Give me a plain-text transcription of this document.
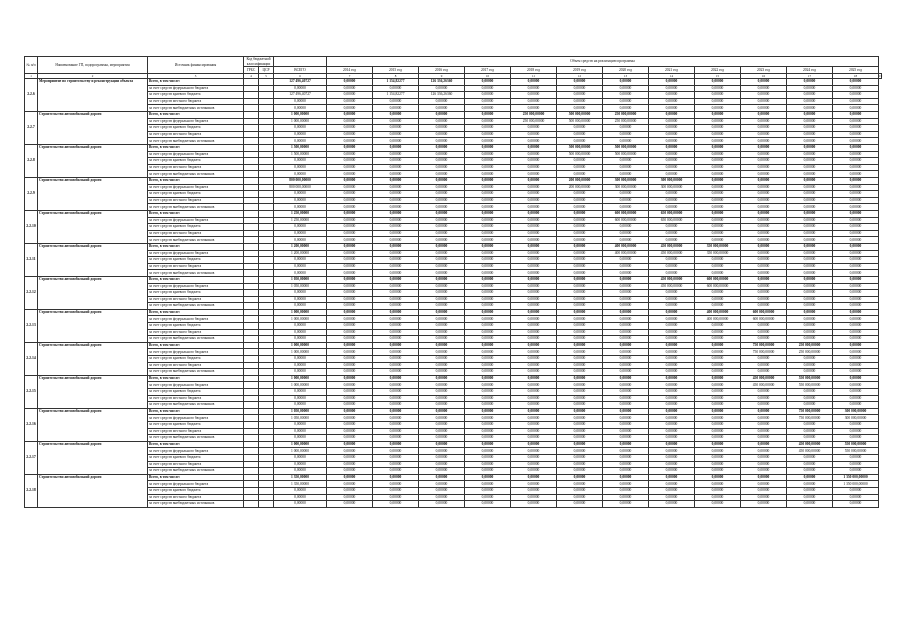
№ п/п	Наименование ГП, подпрограммы, мероприятия	Источник финансирования	Код бюджетной классификации			Объем средств на реализацию программы												
			ГРБС	ЦСР		2014 год	2015 год	2016 год	2017 год	2018 год	2019 год	2020 год	2021 год	2022 год	2023 год	2024 год	2025 год	
					ВСЕГО													
1	2	3	4	5	6	7	8	9	10	11	12	13	14	15	16	17	18	19
2.2.6	Мероприятие по строительству и реконструкции объекта	Всего, в том числе:			127 496,40727	0,00000	1 154,82277	126 336,26360	0,00000	0,00000	0,00000	0,00000	0,00000	0,00000	0,00000	0,00000	0,00000	
		за счет средств федерального бюджета			0,00000	0,00000	0,00000	0,00000	0,00000	0,00000	0,00000	0,00000	0,00000	0,00000	0,00000	0,00000	0,00000	
		за счет средств краевого бюджета			127 496,40727	0,00000	1 154,82277	126 336,26360	0,00000	0,00000	0,00000	0,00000	0,00000	0,00000	0,00000	0,00000	0,00000	
		за счет средств местного бюджета			0,00000	0,00000	0,00000	0,00000	0,00000	0,00000	0,00000	0,00000	0,00000	0,00000	0,00000	0,00000	0,00000	
		за счет средств внебюджетных источников			0,00000	0,00000	0,00000	0,00000	0,00000	0,00000	0,00000	0,00000	0,00000	0,00000	0,00000	0,00000	0,00000	
2.2.7	Строительство автомобильной дороги	Всего, в том числе:			1 000,00000	0,00000	0,00000	0,00000	0,00000	250 000,00000	500 000,00000	250 000,00000	0,00000	0,00000	0,00000	0,00000	0,00000	
		за счет средств федерального бюджета			1 000,00000	0,00000	0,00000	0,00000	0,00000	250 000,00000	500 000,00000	250 000,00000	0,00000	0,00000	0,00000	0,00000	0,00000	
		за счет средств краевого бюджета			0,00000	0,00000	0,00000	0,00000	0,00000	0,00000	0,00000	0,00000	0,00000	0,00000	0,00000	0,00000	0,00000	
		за счет средств местного бюджета			0,00000	0,00000	0,00000	0,00000	0,00000	0,00000	0,00000	0,00000	0,00000	0,00000	0,00000	0,00000	0,00000	
		за счет средств внебюджетных источников			0,00000	0,00000	0,00000	0,00000	0,00000	0,00000	0,00000	0,00000	0,00000	0,00000	0,00000	0,00000	0,00000	
2.2.8	Строительство автомобильной дороги	Всего, в том числе:			1 500,00000	0,00000	0,00000	0,00000	0,00000	0,00000	500 000,00000	500 000,00000	0,00000	0,00000	0,00000	0,00000	0,00000	
		за счет средств федерального бюджета			1 500,00000	0,00000	0,00000	0,00000	0,00000	0,00000	500 000,00000	500 000,00000	0,00000	0,00000	0,00000	0,00000	0,00000	
		за счет средств краевого бюджета			0,00000	0,00000	0,00000	0,00000	0,00000	0,00000	0,00000	0,00000	0,00000	0,00000	0,00000	0,00000	0,00000	
		за счет средств местного бюджета			0,00000	0,00000	0,00000	0,00000	0,00000	0,00000	0,00000	0,00000	0,00000	0,00000	0,00000	0,00000	0,00000	
		за счет средств внебюджетных источников			0,00000	0,00000	0,00000	0,00000	0,00000	0,00000	0,00000	0,00000	0,00000	0,00000	0,00000	0,00000	0,00000	
2.2.9	Строительство автомобильной дороги	Всего, в том числе:			800 000,00000	0,00000	0,00000	0,00000	0,00000	0,00000	200 000,00000	300 000,00000	300 000,00000	0,00000	0,00000	0,00000	0,00000	
		за счет средств федерального бюджета			800 000,00000	0,00000	0,00000	0,00000	0,00000	0,00000	200 000,00000	300 000,00000	300 000,00000	0,00000	0,00000	0,00000	0,00000	
		за счет средств краевого бюджета			0,00000	0,00000	0,00000	0,00000	0,00000	0,00000	0,00000	0,00000	0,00000	0,00000	0,00000	0,00000	0,00000	
		за счет средств местного бюджета			0,00000	0,00000	0,00000	0,00000	0,00000	0,00000	0,00000	0,00000	0,00000	0,00000	0,00000	0,00000	0,00000	
		за счет средств внебюджетных источников			0,00000	0,00000	0,00000	0,00000	0,00000	0,00000	0,00000	0,00000	0,00000	0,00000	0,00000	0,00000	0,00000	
2.2.10	Строительство автомобильной дороги	Всего, в том числе:			1 250,00000	0,00000	0,00000	0,00000	0,00000	0,00000	0,00000	600 000,00000	650 000,00000	0,00000	0,00000	0,00000	0,00000	
		за счет средств федерального бюджета			1 250,00000	0,00000	0,00000	0,00000	0,00000	0,00000	0,00000	600 000,00000	650 000,00000	0,00000	0,00000	0,00000	0,00000	
		за счет средств краевого бюджета			0,00000	0,00000	0,00000	0,00000	0,00000	0,00000	0,00000	0,00000	0,00000	0,00000	0,00000	0,00000	0,00000	
		за счет средств местного бюджета			0,00000	0,00000	0,00000	0,00000	0,00000	0,00000	0,00000	0,00000	0,00000	0,00000	0,00000	0,00000	0,00000	
		за счет средств внебюджетных источников			0,00000	0,00000	0,00000	0,00000	0,00000	0,00000	0,00000	0,00000	0,00000	0,00000	0,00000	0,00000	0,00000	
2.2.11	Строительство автомобильной дороги	Всего, в том числе:			1 200,00000	0,00000	0,00000	0,00000	0,00000	0,00000	0,00000	400 000,00000	450 000,00000	350 000,00000	0,00000	0,00000	0,00000	
		за счет средств федерального бюджета			1 200,00000	0,00000	0,00000	0,00000	0,00000	0,00000	0,00000	400 000,00000	450 000,00000	350 000,00000	0,00000	0,00000	0,00000	
		за счет средств краевого бюджета			0,00000	0,00000	0,00000	0,00000	0,00000	0,00000	0,00000	0,00000	0,00000	0,00000	0,00000	0,00000	0,00000	
		за счет средств местного бюджета			0,00000	0,00000	0,00000	0,00000	0,00000	0,00000	0,00000	0,00000	0,00000	0,00000	0,00000	0,00000	0,00000	
		за счет средств внебюджетных источников			0,00000	0,00000	0,00000	0,00000	0,00000	0,00000	0,00000	0,00000	0,00000	0,00000	0,00000	0,00000	0,00000	
2.2.12	Строительство автомобильной дороги	Всего, в том числе:			1 050,00000	0,00000	0,00000	0,00000	0,00000	0,00000	0,00000	0,00000	450 000,00000	600 000,00000	0,00000	0,00000	0,00000	
		за счет средств федерального бюджета			1 050,00000	0,00000	0,00000	0,00000	0,00000	0,00000	0,00000	0,00000	450 000,00000	600 000,00000	0,00000	0,00000	0,00000	
		за счет средств краевого бюджета			0,00000	0,00000	0,00000	0,00000	0,00000	0,00000	0,00000	0,00000	0,00000	0,00000	0,00000	0,00000	0,00000	
		за счет средств местного бюджета			0,00000	0,00000	0,00000	0,00000	0,00000	0,00000	0,00000	0,00000	0,00000	0,00000	0,00000	0,00000	0,00000	
		за счет средств внебюджетных источников			0,00000	0,00000	0,00000	0,00000	0,00000	0,00000	0,00000	0,00000	0,00000	0,00000	0,00000	0,00000	0,00000	
2.2.13	Строительство автомобильной дороги	Всего, в том числе:			1 000,00000	0,00000	0,00000	0,00000	0,00000	0,00000	0,00000	0,00000	0,00000	400 000,00000	600 000,00000	0,00000	0,00000	
		за счет средств федерального бюджета			1 000,00000	0,00000	0,00000	0,00000	0,00000	0,00000	0,00000	0,00000	0,00000	400 000,00000	600 000,00000	0,00000	0,00000	
		за счет средств краевого бюджета			0,00000	0,00000	0,00000	0,00000	0,00000	0,00000	0,00000	0,00000	0,00000	0,00000	0,00000	0,00000	0,00000	
		за счет средств местного бюджета			0,00000	0,00000	0,00000	0,00000	0,00000	0,00000	0,00000	0,00000	0,00000	0,00000	0,00000	0,00000	0,00000	
		за счет средств внебюджетных источников			0,00000	0,00000	0,00000	0,00000	0,00000	0,00000	0,00000	0,00000	0,00000	0,00000	0,00000	0,00000	0,00000	
2.2.14	Строительство автомобильной дороги	Всего, в том числе:			1 000,00000	0,00000	0,00000	0,00000	0,00000	0,00000	0,00000	0,00000	0,00000	0,00000	750 000,00000	250 000,00000	0,00000	
		за счет средств федерального бюджета			1 000,00000	0,00000	0,00000	0,00000	0,00000	0,00000	0,00000	0,00000	0,00000	0,00000	750 000,00000	250 000,00000	0,00000	
		за счет средств краевого бюджета			0,00000	0,00000	0,00000	0,00000	0,00000	0,00000	0,00000	0,00000	0,00000	0,00000	0,00000	0,00000	0,00000	
		за счет средств местного бюджета			0,00000	0,00000	0,00000	0,00000	0,00000	0,00000	0,00000	0,00000	0,00000	0,00000	0,00000	0,00000	0,00000	
		за счет средств внебюджетных источников			0,00000	0,00000	0,00000	0,00000	0,00000	0,00000	0,00000	0,00000	0,00000	0,00000	0,00000	0,00000	0,00000	
2.2.15	Строительство автомобильной дороги	Всего, в том числе:			1 000,00000	0,00000	0,00000	0,00000	0,00000	0,00000	0,00000	0,00000	0,00000	0,00000	450 000,00000	550 000,00000	0,00000	
		за счет средств федерального бюджета			1 000,00000	0,00000	0,00000	0,00000	0,00000	0,00000	0,00000	0,00000	0,00000	0,00000	450 000,00000	550 000,00000	0,00000	
		за счет средств краевого бюджета			0,00000	0,00000	0,00000	0,00000	0,00000	0,00000	0,00000	0,00000	0,00000	0,00000	0,00000	0,00000	0,00000	
		за счет средств местного бюджета			0,00000	0,00000	0,00000	0,00000	0,00000	0,00000	0,00000	0,00000	0,00000	0,00000	0,00000	0,00000	0,00000	
		за счет средств внебюджетных источников			0,00000	0,00000	0,00000	0,00000	0,00000	0,00000	0,00000	0,00000	0,00000	0,00000	0,00000	0,00000	0,00000	
2.2.16	Строительство автомобильной дороги	Всего, в том числе:			1 050,00000	0,00000	0,00000	0,00000	0,00000	0,00000	0,00000	0,00000	0,00000	0,00000	0,00000	750 000,00000	300 000,00000	
		за счет средств федерального бюджета			1 050,00000	0,00000	0,00000	0,00000	0,00000	0,00000	0,00000	0,00000	0,00000	0,00000	0,00000	750 000,00000	300 000,00000	
		за счет средств краевого бюджета			0,00000	0,00000	0,00000	0,00000	0,00000	0,00000	0,00000	0,00000	0,00000	0,00000	0,00000	0,00000	0,00000	
		за счет средств местного бюджета			0,00000	0,00000	0,00000	0,00000	0,00000	0,00000	0,00000	0,00000	0,00000	0,00000	0,00000	0,00000	0,00000	
		за счет средств внебюджетных источников			0,00000	0,00000	0,00000	0,00000	0,00000	0,00000	0,00000	0,00000	0,00000	0,00000	0,00000	0,00000	0,00000	
2.2.17	Строительство автомобильной дороги	Всего, в том числе:			1 000,00000	0,00000	0,00000	0,00000	0,00000	0,00000	0,00000	0,00000	0,00000	0,00000	0,00000	450 000,00000	550 000,00000	
		за счет средств федерального бюджета			1 000,00000	0,00000	0,00000	0,00000	0,00000	0,00000	0,00000	0,00000	0,00000	0,00000	0,00000	450 000,00000	550 000,00000	
		за счет средств краевого бюджета			0,00000	0,00000	0,00000	0,00000	0,00000	0,00000	0,00000	0,00000	0,00000	0,00000	0,00000	0,00000	0,00000	
		за счет средств местного бюджета			0,00000	0,00000	0,00000	0,00000	0,00000	0,00000	0,00000	0,00000	0,00000	0,00000	0,00000	0,00000	0,00000	
		за счет средств внебюджетных источников			0,00000	0,00000	0,00000	0,00000	0,00000	0,00000	0,00000	0,00000	0,00000	0,00000	0,00000	0,00000	0,00000	
2.2.18	Строительство автомобильной дороги	Всего, в том числе:			1 350,00000	0,00000	0,00000	0,00000	0,00000	0,00000	0,00000	0,00000	0,00000	0,00000	0,00000	0,00000	1 350 000,00000	
		за счет средств федерального бюджета			1 350,00000	0,00000	0,00000	0,00000	0,00000	0,00000	0,00000	0,00000	0,00000	0,00000	0,00000	0,00000	1 350 000,00000	
		за счет средств краевого бюджета			0,00000	0,00000	0,00000	0,00000	0,00000	0,00000	0,00000	0,00000	0,00000	0,00000	0,00000	0,00000	0,00000	
		за счет средств местного бюджета			0,00000	0,00000	0,00000	0,00000	0,00000	0,00000	0,00000	0,00000	0,00000	0,00000	0,00000	0,00000	0,00000	
		за счет средств внебюджетных источников			0,00000	0,00000	0,00000	0,00000	0,00000	0,00000	0,00000	0,00000	0,00000	0,00000	0,00000	0,00000	0,00000	
